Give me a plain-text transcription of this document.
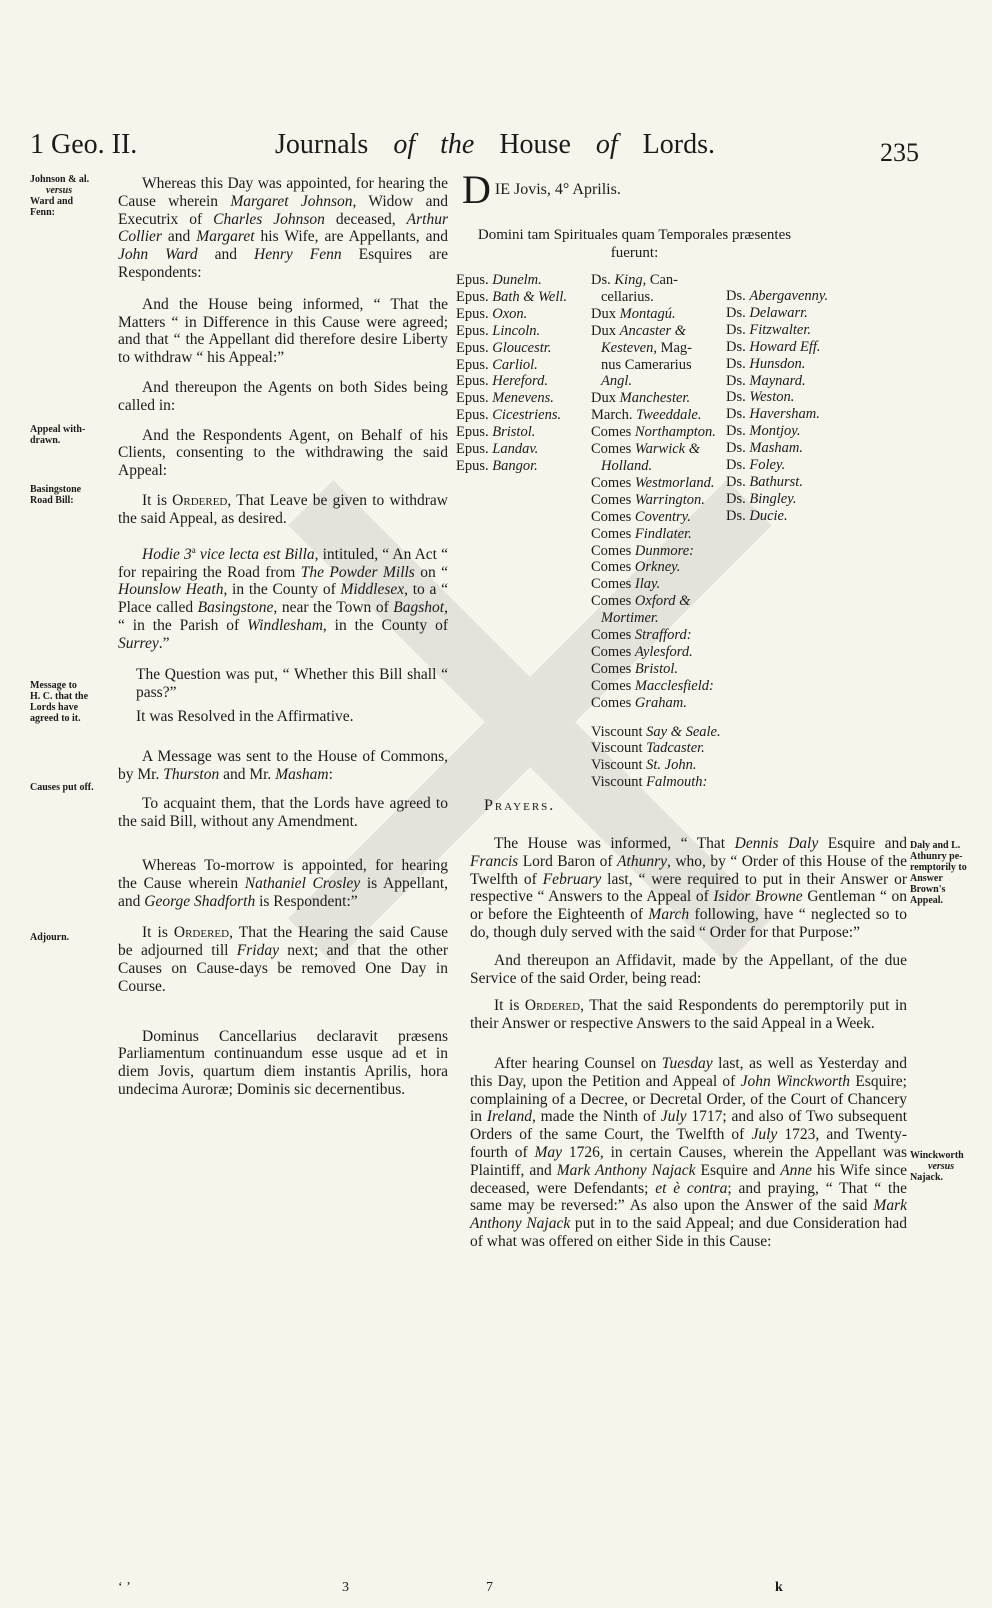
1 Geo. II.	Journals of the House of Lords.	235
Johnson & al.
versus
Ward and
Fenn:
Appeal with-
drawn.
Basingstone
Road Bill:
Message to
H. C. that the
Lords have
agreed to it.
Causes put off.
Adjourn.
Daly and L.
Athunry pe-
remptorily to
Answer
Brown's
Appeal.
Winckworth
versus
Najack.

Whereas this Day was appointed, for hearing the Cause wherein Margaret Johnson, Widow and Executrix of Charles Johnson deceased, Arthur Collier and Margaret his Wife, are Appellants, and John Ward and Henry Fenn Esquires are Respondents:

And the House being informed, “ That the Matters “ in Difference in this Cause were agreed; and that “ the Appellant did therefore desire Liberty to withdraw “ his Appeal:”

And thereupon the Agents on both Sides being called in:

And the Respondents Agent, on Behalf of his Clients, consenting to the withdrawing the said Appeal:

It is Ordered, That Leave be given to withdraw the said Appeal, as desired.

Hodie 3$^a$ vice lecta est Billa, intituled, “ An Act “ for repairing the Road from The Powder Mills on “ Hounslow Heath, in the County of Middlesex, to a “ Place called Basingstone, near the Town of Bagshot, “ in the Parish of Windlesham, in the County of Surrey.”

The Question was put, “ Whether this Bill shall “ pass?”

It was Resolved in the Affirmative.

A Message was sent to the House of Commons, by Mr. Thurston and Mr. Masham:

To acquaint them, that the Lords have agreed to the said Bill, without any Amendment.

Whereas To-morrow is appointed, for hearing the Cause wherein Nathaniel Crosley is Appellant, and George Shadforth is Respondent:”

It is Ordered, That the Hearing the said Cause be adjourned till Friday next; and that the other Causes on Cause-days be removed One Day in Course.

Dominus Cancellarius declaravit præsens Parliamentum continuandum esse usque ad et in diem Jovis, quartum diem instantis Aprilis, hora undecima Auroræ; Dominis sic decernentibus.

D IE Jovis, 4° Aprilis.
Domini tam Spirituales quam Temporales præsentes fuerunt:
Epus. Dunelm.
Epus. Bath & Well.
Epus. Oxon.
Epus. Lincoln.
Epus. Gloucestr.
Epus. Carliol.
Epus. Hereford.
Epus. Menevens.
Epus. Cicestriens.
Epus. Bristol.
Epus. Landav.
Epus. Bangor.
Ds. King, Can-
cellarius.
Dux Montagú.
Dux Ancaster &
Kesteven, Mag-
nus Camerarius
Angl.
Dux Manchester.
March. Tweeddale.
Comes Northampton.
Comes Warwick &
Holland.
Comes Westmorland.
Comes Warrington.
Comes Coventry.
Comes Findlater.
Comes Dunmore:
Comes Orkney.
Comes Ilay.
Comes Oxford &
Mortimer.
Comes Strafford:
Comes Aylesford.
Comes Bristol.
Comes Macclesfield:
Comes Graham.
Viscount Say & Seale.
Viscount Tadcaster.
Viscount St. John.
Viscount Falmouth:
Ds. Abergavenny.
Ds. Delawarr.
Ds. Fitzwalter.
Ds. Howard Eff.
Ds. Hunsdon.
Ds. Maynard.
Ds. Weston.
Ds. Haversham.
Ds. Montjoy.
Ds. Masham.
Ds. Foley.
Ds. Bathurst.
Ds. Bingley.
Ds. Ducie.
Prayers.

The House was informed, “ That Dennis Daly Esquire and Francis Lord Baron of Athunry, who, by “ Order of this House of the Twelfth of February last, “ were required to put in their Answer or respective “ Answers to the Appeal of Isidor Browne Gentleman “ on or before the Eighteenth of March following, have “ neglected so to do, though duly served with the said “ Order for that Purpose:”

And thereupon an Affidavit, made by the Appellant, of the due Service of the said Order, being read:

It is Ordered, That the said Respondents do peremptorily put in their Answer or respective Answers to the said Appeal in a Week.

After hearing Counsel on Tuesday last, as well as Yesterday and this Day, upon the Petition and Appeal of John Winckworth Esquire; complaining of a Decree, or Decretal Order, of the Court of Chancery in Ireland, made the Ninth of July 1717; and also of Two subsequent Orders of the same Court, the Twelfth of July 1723, and Twenty-fourth of May 1726, in certain Causes, wherein the Appellant was Plaintiff, and Mark Anthony Najack Esquire and Anne his Wife since deceased, were Defendants; et è contra; and praying, “ That “ the same may be reversed:” As also upon the Answer of the said Mark Anthony Najack put in to the said Appeal; and due Consideration had of what was offered on either Side in this Cause:

‘ ’	3	7	k
